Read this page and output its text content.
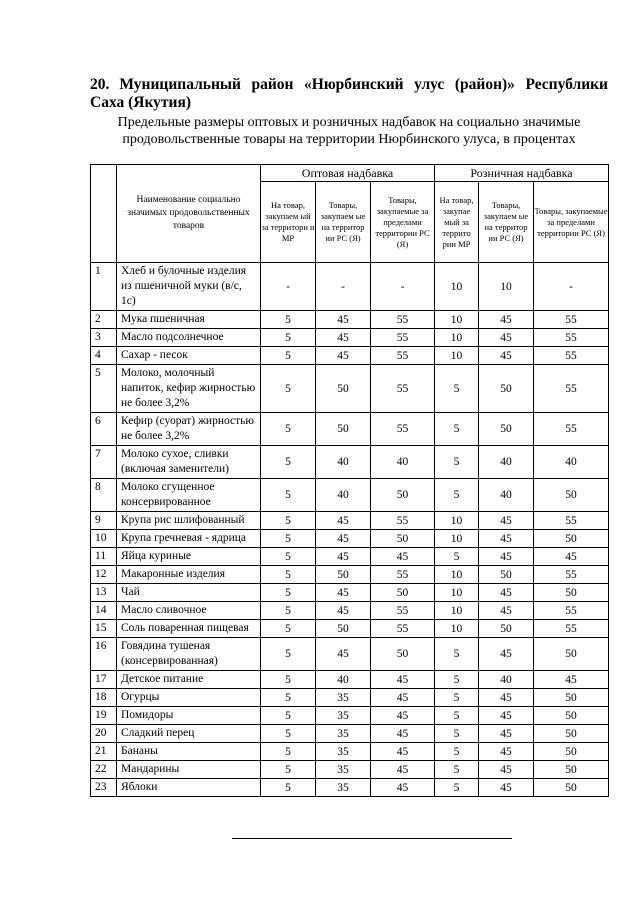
20. Муниципальный район «Нюрбинский улус (район)» Республики Саха (Якутия)
Предельные размеры оптовых и розничных надбавок на социально значимые продовольственные товары на территории Нюрбинского улуса, в процентах
	Наименование социально значимых продовольственных товаров	Оптовая надбавка			Розничная надбавка		
		На товар, закупаем ый за территори и МР	Товары, закупаем ые на территор ии РС (Я)	Товары, закупаемые за пределами территории РС (Я)	На товар, закупае мый за террито рии МР	Товары, закупаем ые на территор ии РС (Я)	Товары, закупаемые за пределами территории РС (Я)
1	Хлеб и булочные изделия из пшеничной муки (в/с, 1с)	-	-	-	10	10	-
2	Мука пшеничная	5	45	55	10	45	55
3	Масло подсолнечное	5	45	55	10	45	55
4	Сахар - песок	5	45	55	10	45	55
5	Молоко, молочный напиток, кефир жирностью не более 3,2%	5	50	55	5	50	55
6	Кефир (суорат) жирностью не более 3,2%	5	50	55	5	50	55
7	Молоко сухое, сливки (включая заменители)	5	40	40	5	40	40
8	Молоко сгущенное консервированное	5	40	50	5	40	50
9	Крупа рис шлифованный	5	45	55	10	45	55
10	Крупа гречневая - ядрица	5	45	50	10	45	50
11	Яйца куриные	5	45	45	5	45	45
12	Макаронные изделия	5	50	55	10	50	55
13	Чай	5	45	50	10	45	50
14	Масло сливочное	5	45	55	10	45	55
15	Соль поваренная пищевая	5	50	55	10	50	55
16	Говядина тушеная (консервированная)	5	45	50	5	45	50
17	Детское питание	5	40	45	5	40	45
18	Огурцы	5	35	45	5	45	50
19	Помидоры	5	35	45	5	45	50
20	Сладкий перец	5	35	45	5	45	50
21	Бананы	5	35	45	5	45	50
22	Мандарины	5	35	45	5	45	50
23	Яблоки	5	35	45	5	45	50
